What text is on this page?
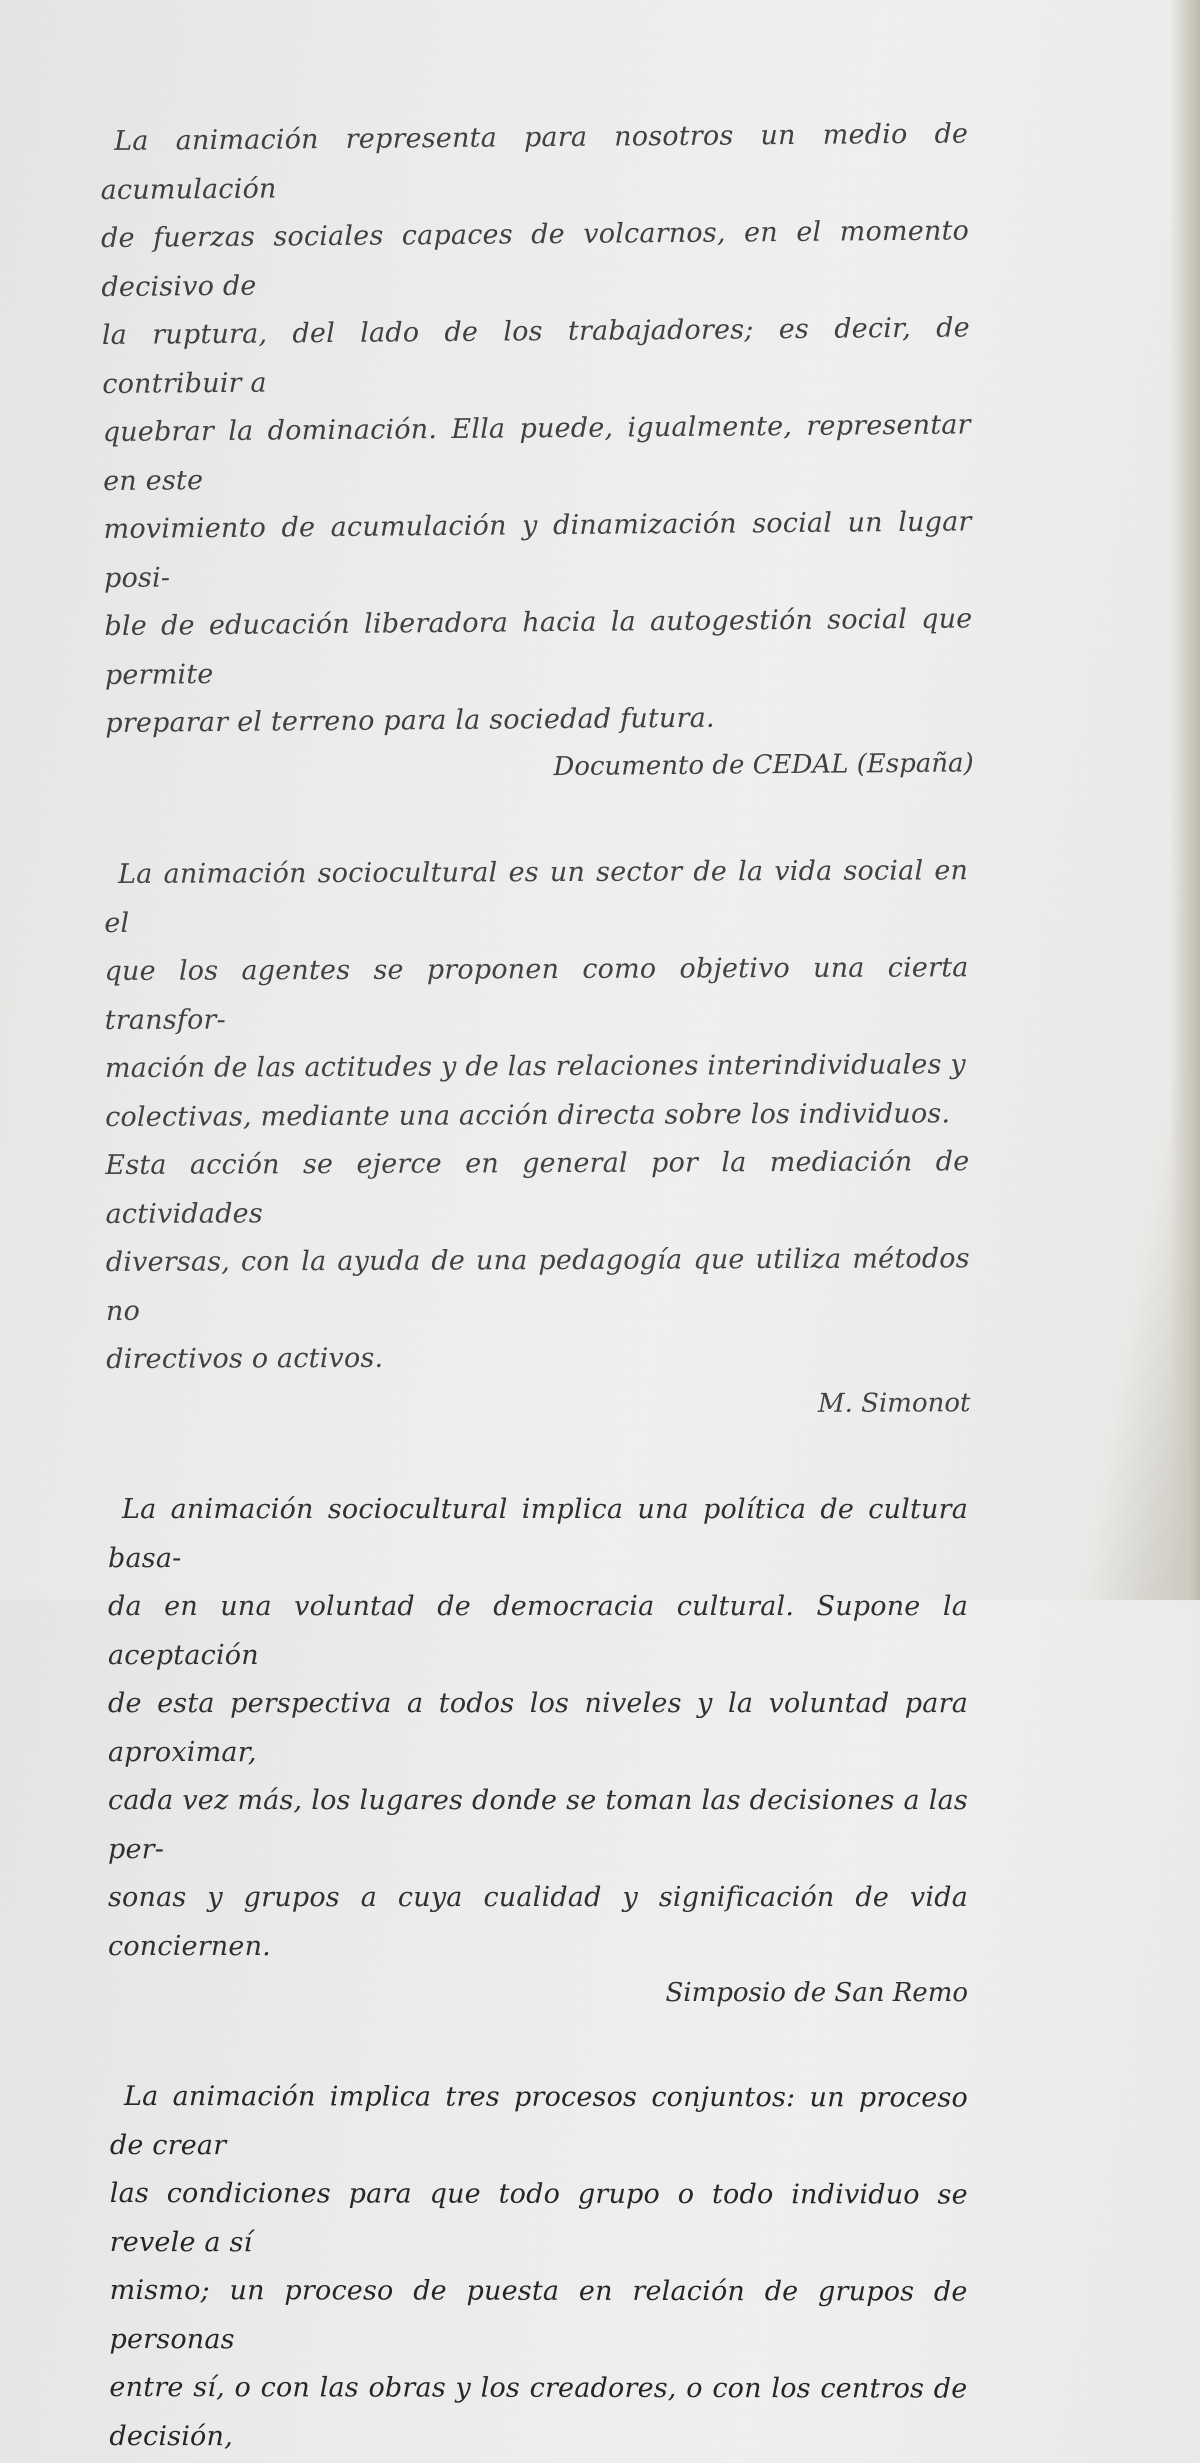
La animación representa para nosotros un medio de acumulación
de fuerzas sociales capaces de volcarnos, en el momento decisivo de
la ruptura, del lado de los trabajadores; es decir, de contribuir a
quebrar la dominación. Ella puede, igualmente, representar en este
movimiento de acumulación y dinamización social un lugar posi-
ble de educación liberadora hacia la autogestión social que permite
preparar el terreno para la sociedad futura.

Documento de CEDAL (España)

La animación sociocultural es un sector de la vida social en el
que los agentes se proponen como objetivo una cierta transfor-
mación de las actitudes y de las relaciones interindividuales y
colectivas, mediante una acción directa sobre los individuos.
Esta acción se ejerce en general por la mediación de actividades
diversas, con la ayuda de una pedagogía que utiliza métodos no
directivos o activos.

M. Simonot

La animación sociocultural implica una política de cultura basa-
da en una voluntad de democracia cultural. Supone la aceptación
de esta perspectiva a todos los niveles y la voluntad para aproximar,
cada vez más, los lugares donde se toman las decisiones a las per-
sonas y grupos a cuya cualidad y significación de vida conciernen.

Simposio de San Remo

La animación implica tres procesos conjuntos: un proceso de crear
las condiciones para que todo grupo o todo individuo se revele a sí
mismo; un proceso de puesta en relación de grupos de personas
entre sí, o con las obras y los creadores, o con los centros de decisión,
